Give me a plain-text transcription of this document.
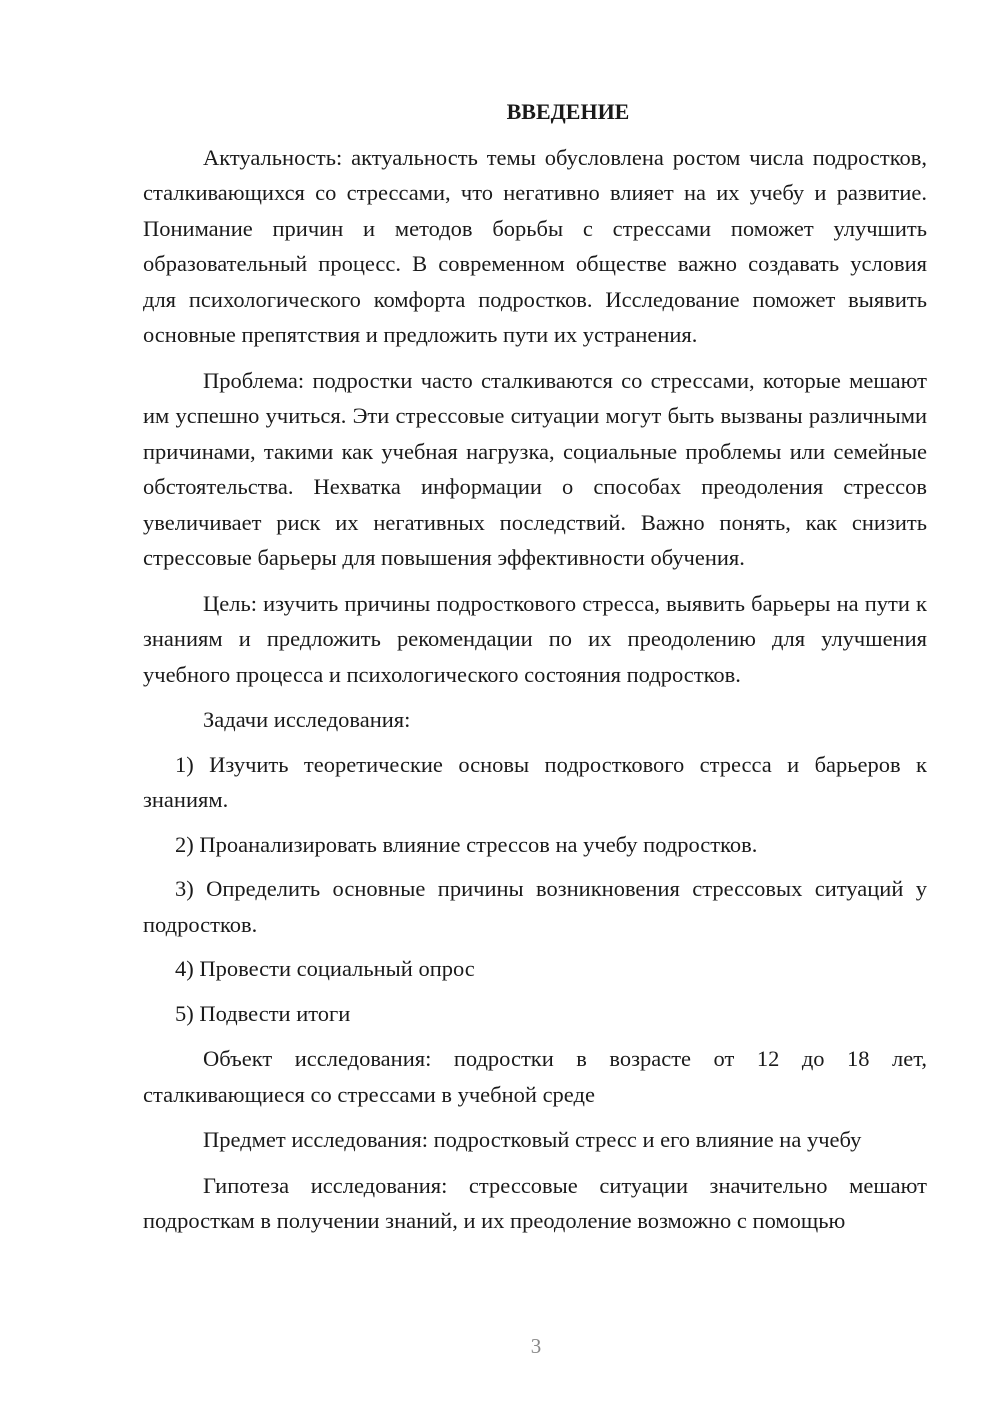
ВВЕДЕНИЕ

Актуальность: актуальность темы обусловлена ростом числа подростков, сталкивающихся со стрессами, что негативно влияет на их учебу и развитие. Понимание причин и методов борьбы с стрессами поможет улучшить образовательный процесс. В современном обществе важно создавать условия для психологического комфорта подростков. Исследование поможет выявить основные препятствия и предложить пути их устранения.

Проблема: подростки часто сталкиваются со стрессами, которые мешают им успешно учиться. Эти стрессовые ситуации могут быть вызваны различными причинами, такими как учебная нагрузка, социальные проблемы или семейные обстоятельства. Нехватка информации о способах преодоления стрессов увеличивает риск их негативных последствий. Важно понять, как снизить стрессовые барьеры для повышения эффективности обучения.

Цель: изучить причины подросткового стресса, выявить барьеры на пути к знаниям и предложить рекомендации по их преодолению для улучшения учебного процесса и психологического состояния подростков.

Задачи исследования:

1) Изучить теоретические основы подросткового стресса и барьеров к знаниям.
2) Проанализировать влияние стрессов на учебу подростков.
3) Определить основные причины возникновения стрессовых ситуаций у подростков.
4) Провести социальный опрос
5) Подвести итоги

Объект исследования: подростки в возрасте от 12 до 18 лет, сталкивающиеся со стрессами в учебной среде

Предмет исследования: подростковый стресс и его влияние на учебу

Гипотеза исследования: стрессовые ситуации значительно мешают подросткам в получении знаний, и их преодоление возможно с помощью

3
